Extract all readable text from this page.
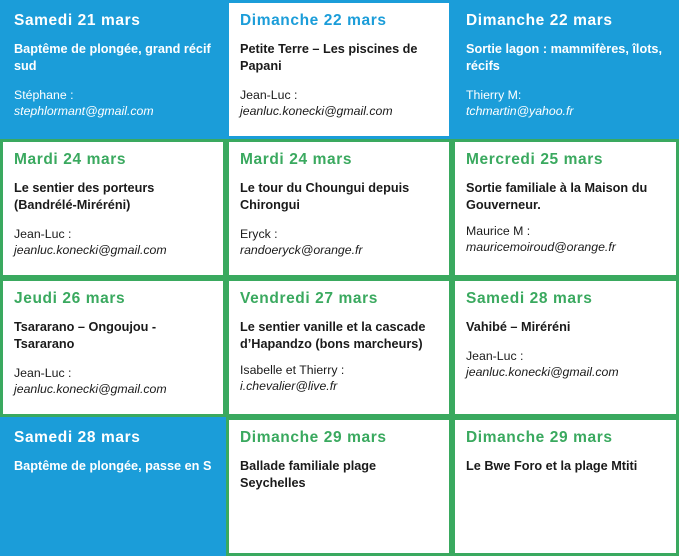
Samedi 21 mars
Baptême de plongée, grand récif sud
Stéphane :
stephlormant@gmail.com
Dimanche 22 mars
Petite Terre – Les piscines de Papani
Jean-Luc :
jeanluc.konecki@gmail.com
Dimanche 22 mars
Sortie lagon : mammifères, îlots, récifs
Thierry M:
tchmartin@yahoo.fr
Mardi 24 mars
Le sentier des porteurs (Bandrélé-Miréréni)
Jean-Luc :
jeanluc.konecki@gmail.com
Mardi 24 mars
Le tour du Choungui depuis Chirongui
Eryck :
randoeryck@orange.fr
Mercredi 25 mars
Sortie familiale à la Maison du Gouverneur.
Maurice M :
mauricemoiroud@orange.fr
Jeudi 26 mars
Tsararano – Ongoujou - Tsararano
Jean-Luc :
jeanluc.konecki@gmail.com
Vendredi 27 mars
Le sentier vanille et la cascade d’Hapandzo (bons marcheurs)
Isabelle et Thierry :
i.chevalier@live.fr
Samedi 28 mars
Vahibé – Miréréni
Jean-Luc :
jeanluc.konecki@gmail.com
Samedi 28 mars
Baptême de plongée, passe en S
Dimanche 29 mars
Ballade familiale plage Seychelles
Dimanche 29 mars
Le Bwe Foro et la plage Mtiti
